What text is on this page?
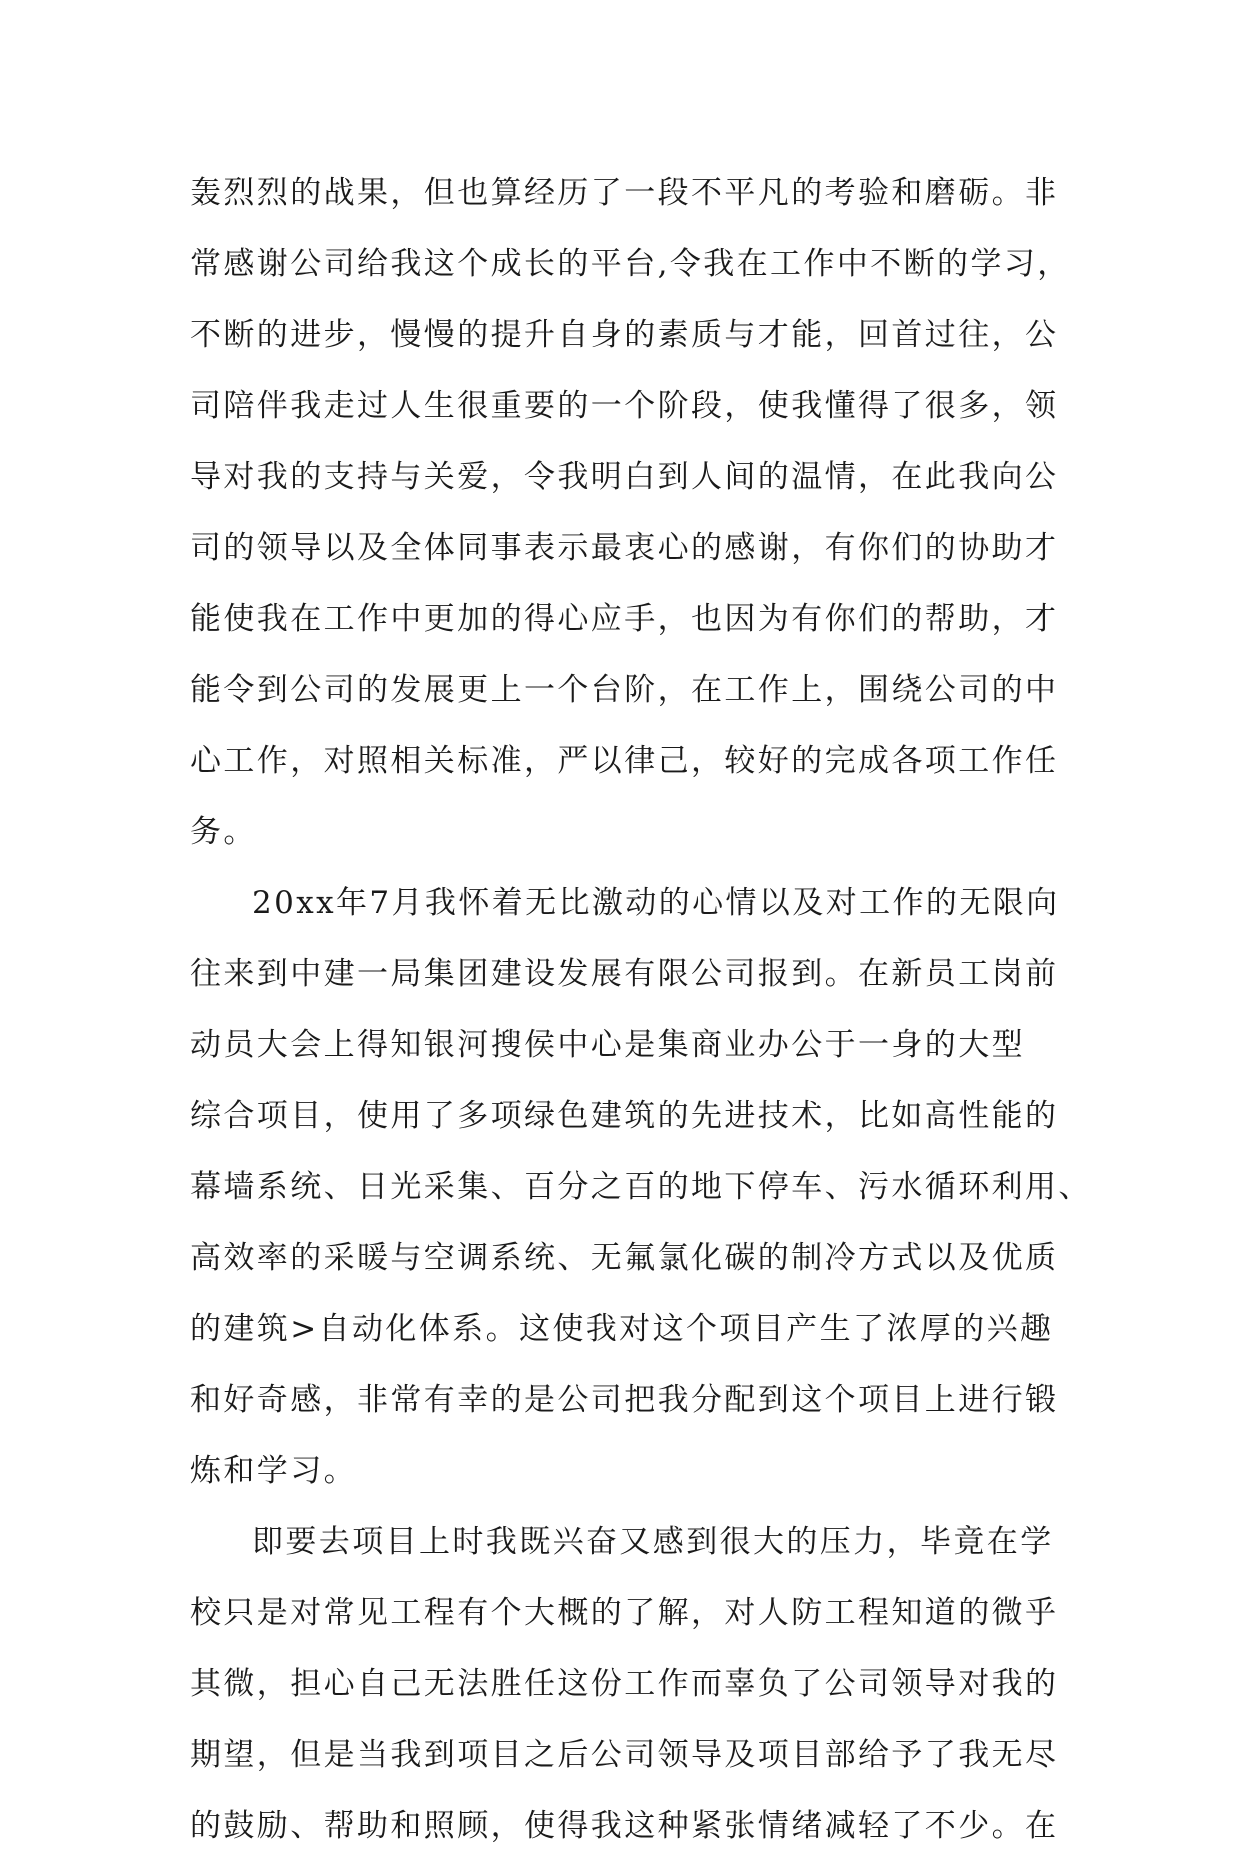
轰烈烈的战果，但也算经历了一段不平凡的考验和磨砺。非
常感谢公司给我这个成长的平台,令我在工作中不断的学习，
不断的进步，慢慢的提升自身的素质与才能，回首过往，公
司陪伴我走过人生很重要的一个阶段，使我懂得了很多，领
导对我的支持与关爱，令我明白到人间的温情，在此我向公
司的领导以及全体同事表示最衷心的感谢，有你们的协助才
能使我在工作中更加的得心应手，也因为有你们的帮助，才
能令到公司的发展更上一个台阶，在工作上，围绕公司的中
心工作，对照相关标准，严以律己，较好的完成各项工作任
务。
20xx年7月我怀着无比激动的心情以及对工作的无限向
往来到中建一局集团建设发展有限公司报到。在新员工岗前
动员大会上得知银河搜侯中心是集商业办公于一身的大型
综合项目，使用了多项绿色建筑的先进技术，比如高性能的
幕墙系统、日光采集、百分之百的地下停车、污水循环利用、
高效率的采暖与空调系统、无氟氯化碳的制冷方式以及优质
的建筑>自动化体系。这使我对这个项目产生了浓厚的兴趣
和好奇感，非常有幸的是公司把我分配到这个项目上进行锻
炼和学习。
即要去项目上时我既兴奋又感到很大的压力，毕竟在学
校只是对常见工程有个大概的了解，对人防工程知道的微乎
其微，担心自己无法胜任这份工作而辜负了公司领导对我的
期望，但是当我到项目之后公司领导及项目部给予了我无尽
的鼓励、帮助和照顾，使得我这种紧张情绪减轻了不少。在
